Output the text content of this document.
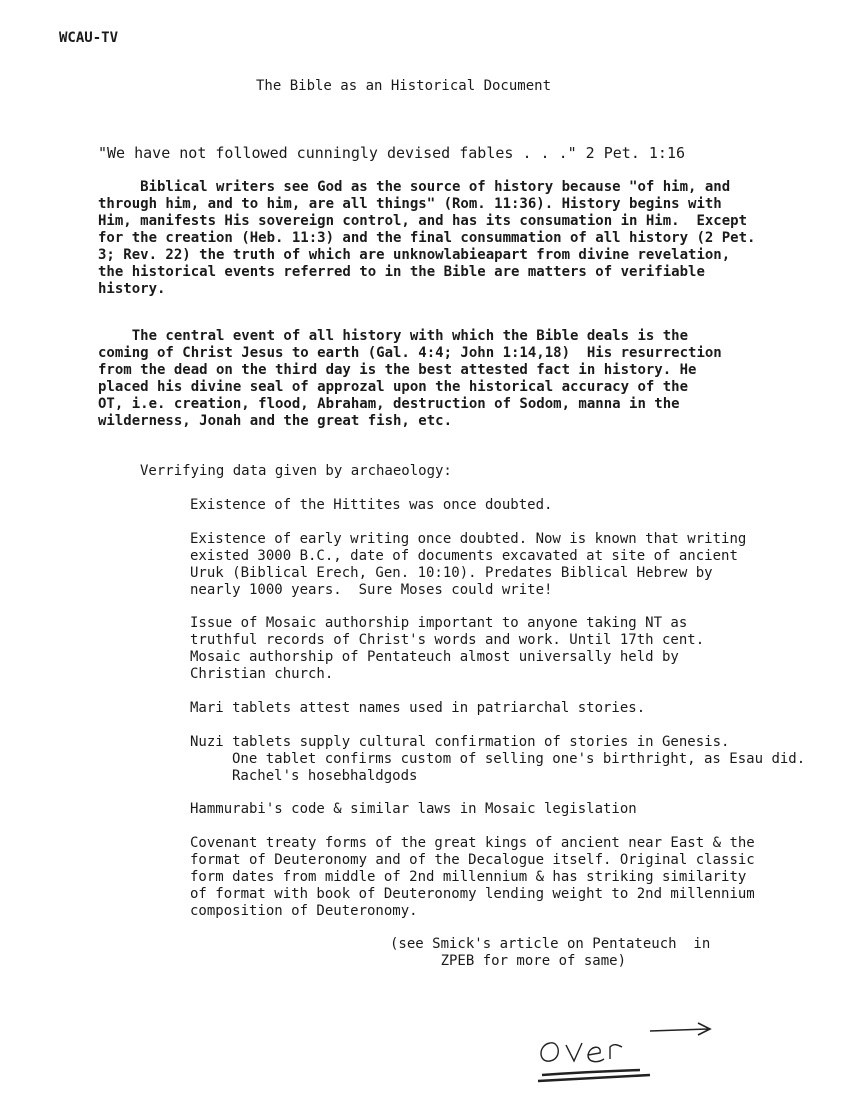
WCAU-TV
The Bible as an Historical Document
"We have not followed cunningly devised fables . . ." 2 Pet. 1:16
Biblical writers see God as the source of history because "of him, and
through him, and to him, are all things" (Rom. 11:36). History begins with
Him, manifests His sovereign control, and has its consumation in Him.  Except
for the creation (Heb. 11:3) and the final consummation of all history (2 Pet.
3; Rev. 22) the truth of which are unknowlabieapart from divine revelation,
the historical events referred to in the Bible are matters of verifiable
history.
The central event of all history with which the Bible deals is the
coming of Christ Jesus to earth (Gal. 4:4; John 1:14,18)  His resurrection
from the dead on the third day is the best attested fact in history. He
placed his divine seal of approzal upon the historical accuracy of the
OT, i.e. creation, flood, Abraham, destruction of Sodom, manna in the
wilderness, Jonah and the great fish, etc.
Verrifying data given by archaeology:
Existence of the Hittites was once doubted.
Existence of early writing once doubted. Now is known that writing
existed 3000 B.C., date of documents excavated at site of ancient
Uruk (Biblical Erech, Gen. 10:10). Predates Biblical Hebrew by
nearly 1000 years.  Sure Moses could write!
Issue of Mosaic authorship important to anyone taking NT as
truthful records of Christ's words and work. Until 17th cent.
Mosaic authorship of Pentateuch almost universally held by
Christian church.
Mari tablets attest names used in patriarchal stories.
Nuzi tablets supply cultural confirmation of stories in Genesis.
One tablet confirms custom of selling one's birthright, as Esau did.
Rachel's hosebhaldgods
Hammurabi's code & similar laws in Mosaic legislation
Covenant treaty forms of the great kings of ancient near East & the
format of Deuteronomy and of the Decalogue itself. Original classic
form dates from middle of 2nd millennium & has striking similarity
of format with book of Deuteronomy lending weight to 2nd millennium
composition of Deuteronomy.
(see Smick's article on Pentateuch  in
ZPEB for more of same)
